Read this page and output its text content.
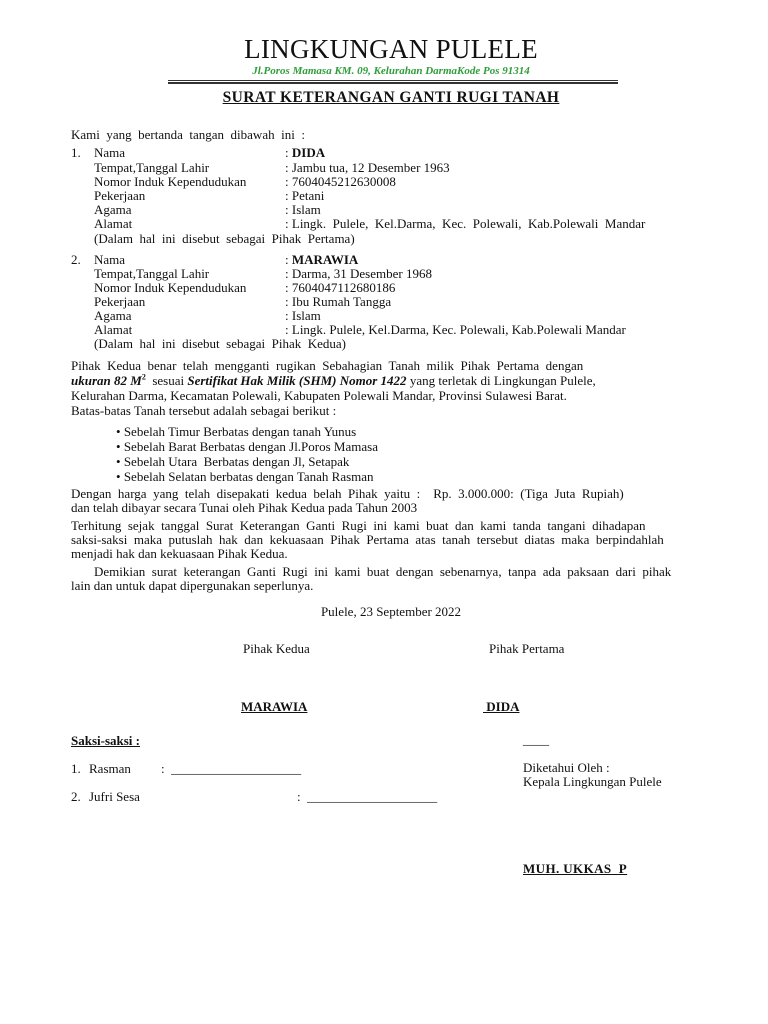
LINGKUNGAN PULELE
Jl.Poros Mamasa KM. 09, Kelurahan DarmaKode Pos 91314
SURAT KETERANGAN GANTI RUGI TANAH
Kami  yang  bertanda  tangan  dibawah  ini  :
1. Nama	: DIDA
Tempat,Tanggal Lahir	: Jambu tua, 12 Desember 1963
Nomor Induk Kependudukan	: 7604045212630008
Pekerjaan	: Petani
Agama	: Islam
Alamat	: Lingk.  Pulele,  Kel.Darma,  Kec.  Polewali,  Kab.Polewali  Mandar
(Dalam  hal  ini  disebut  sebagai  Pihak  Pertama)
2. Nama	: MARAWIA
Tempat,Tanggal Lahir	: Darma, 31 Desember 1968
Nomor Induk Kependudukan	: 7604047112680186
Pekerjaan	: Ibu Rumah Tangga
Agama	: Islam
Alamat	: Lingk. Pulele, Kel.Darma, Kec. Polewali, Kab.Polewali Mandar
(Dalam  hal  ini  disebut  sebagai  Pihak  Kedua)
Pihak  Kedua  benar  telah  mengganti  rugikan  Sebahagian  Tanah  milik  Pihak  Pertama  dengan
ukuran 82 $M^2$ sesuai Sertifikat Hak Milik (SHM) Nomor 1422 yang terletak di Lingkungan Pulele,
Kelurahan Darma, Kecamatan Polewali, Kabupaten Polewali Mandar, Provinsi Sulawesi Barat.
Batas-batas Tanah tersebut adalah sebagai berikut :
• Sebelah Timur Berbatas dengan tanah Yunus
• Sebelah Barat Berbatas dengan Jl.Poros Mamasa
• Sebelah Utara  Berbatas dengan Jl, Setapak
• Sebelah Selatan berbatas dengan Tanah Rasman
Dengan  harga  yang  telah  disepakati  kedua  belah  Pihak  yaitu  :    Rp.  3.000.000:  (Tiga  Juta  Rupiah)
dan telah dibayar secara Tunai oleh Pihak Kedua pada Tahun 2003
Terhitung  sejak  tanggal  Surat  Keterangan  Ganti  Rugi  ini  kami  buat  dan  kami  tanda  tangani  dihadapan
saksi-saksi  maka  putuslah  hak  dan  kekuasaan  Pihak  Pertama  atas  tanah  tersebut  diatas  maka  berpindahlah
menjadi hak dan kekuasaan Pihak Kedua.
Demikian  surat  keterangan  Ganti  Rugi  ini  kami  buat  dengan  sebenarnya,  tanpa  ada  paksaan  dari  pihak
lain dan untuk dapat dipergunakan seperlunya.
Pulele, 23 September 2022
Pihak Kedua	Pihak Pertama
MARAWIA	DIDA
Saksi-saksi :	____
1. Rasman :  ____________________	Diketahui Oleh :
Kepala Lingkungan Pulele
2. Jufri Sesa	:  ____________________
MUH. UKKAS  P
